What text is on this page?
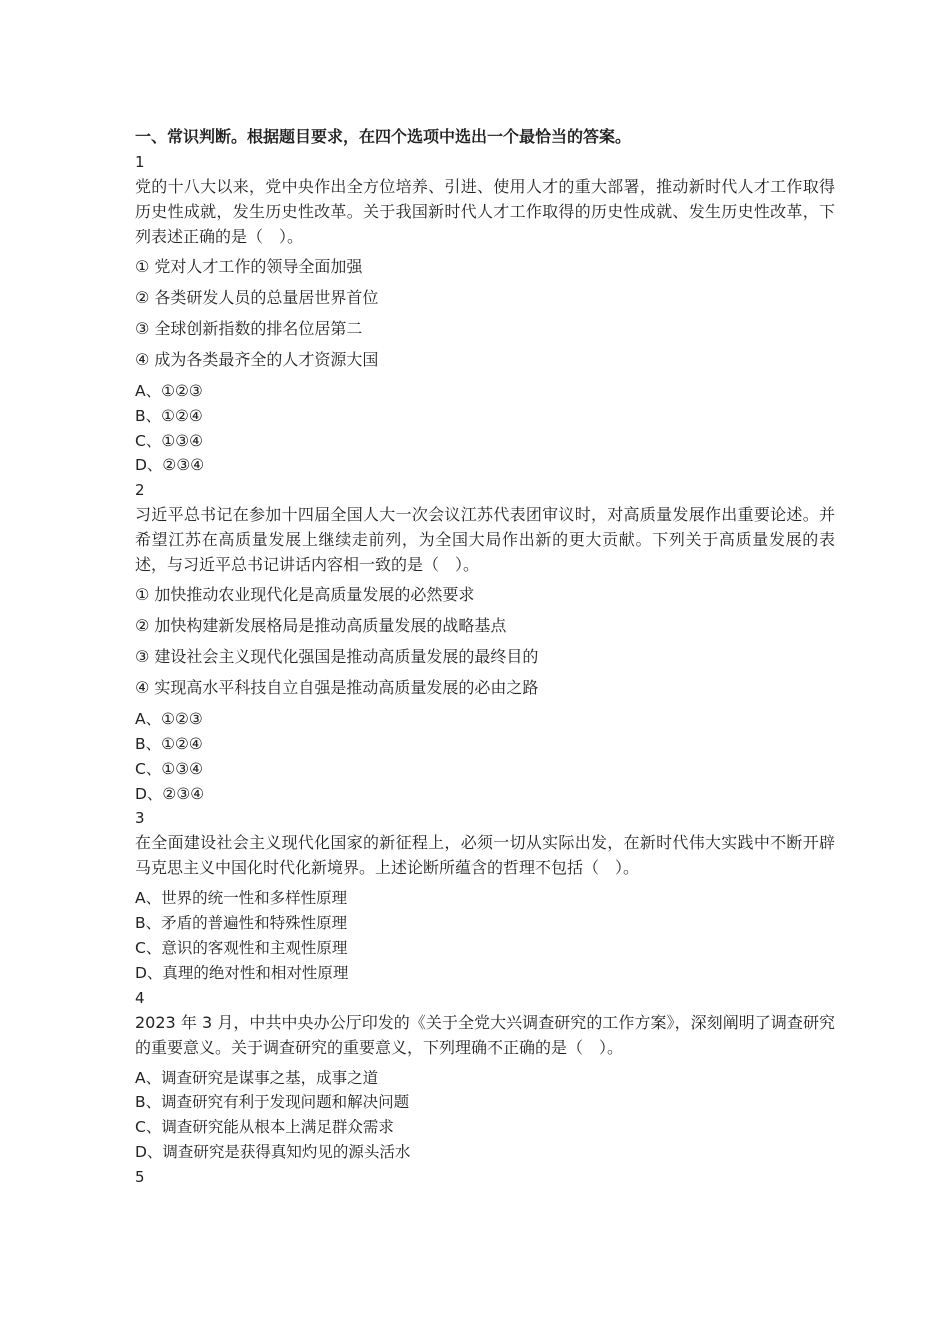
一、常识判断。根据题目要求，在四个选项中选出一个最恰当的答案。

1

党的十八大以来，党中央作出全方位培养、引进、使用人才的重大部署，推动新时代人才工作取得历史性成就，发生历史性改革。关于我国新时代人才工作取得的历史性成就、发生历史性改革，下列表述正确的是（　）。

① 党对人才工作的领导全面加强

② 各类研发人员的总量居世界首位

③ 全球创新指数的排名位居第二

④ 成为各类最齐全的人才资源大国

A、①②③
B、①②④
C、①③④
D、②③④

2

习近平总书记在参加十四届全国人大一次会议江苏代表团审议时，对高质量发展作出重要论述。并希望江苏在高质量发展上继续走前列，为全国大局作出新的更大贡献。下列关于高质量发展的表述，与习近平总书记讲话内容相一致的是（　）。

① 加快推动农业现代化是高质量发展的必然要求

② 加快构建新发展格局是推动高质量发展的战略基点

③ 建设社会主义现代化强国是推动高质量发展的最终目的

④ 实现高水平科技自立自强是推动高质量发展的必由之路

A、①②③
B、①②④
C、①③④
D、②③④

3

在全面建设社会主义现代化国家的新征程上，必须一切从实际出发，在新时代伟大实践中不断开辟马克思主义中国化时代化新境界。上述论断所蕴含的哲理不包括（　）。

A、世界的统一性和多样性原理
B、矛盾的普遍性和特殊性原理
C、意识的客观性和主观性原理
D、真理的绝对性和相对性原理

4

2023 年 3 月，中共中央办公厅印发的《关于全党大兴调查研究的工作方案》，深刻阐明了调查研究的重要意义。关于调查研究的重要意义，下列理确不正确的是（　）。

A、调查研究是谋事之基，成事之道
B、调查研究有利于发现问题和解决问题
C、调查研究能从根本上满足群众需求
D、调查研究是获得真知灼见的源头活水

5
